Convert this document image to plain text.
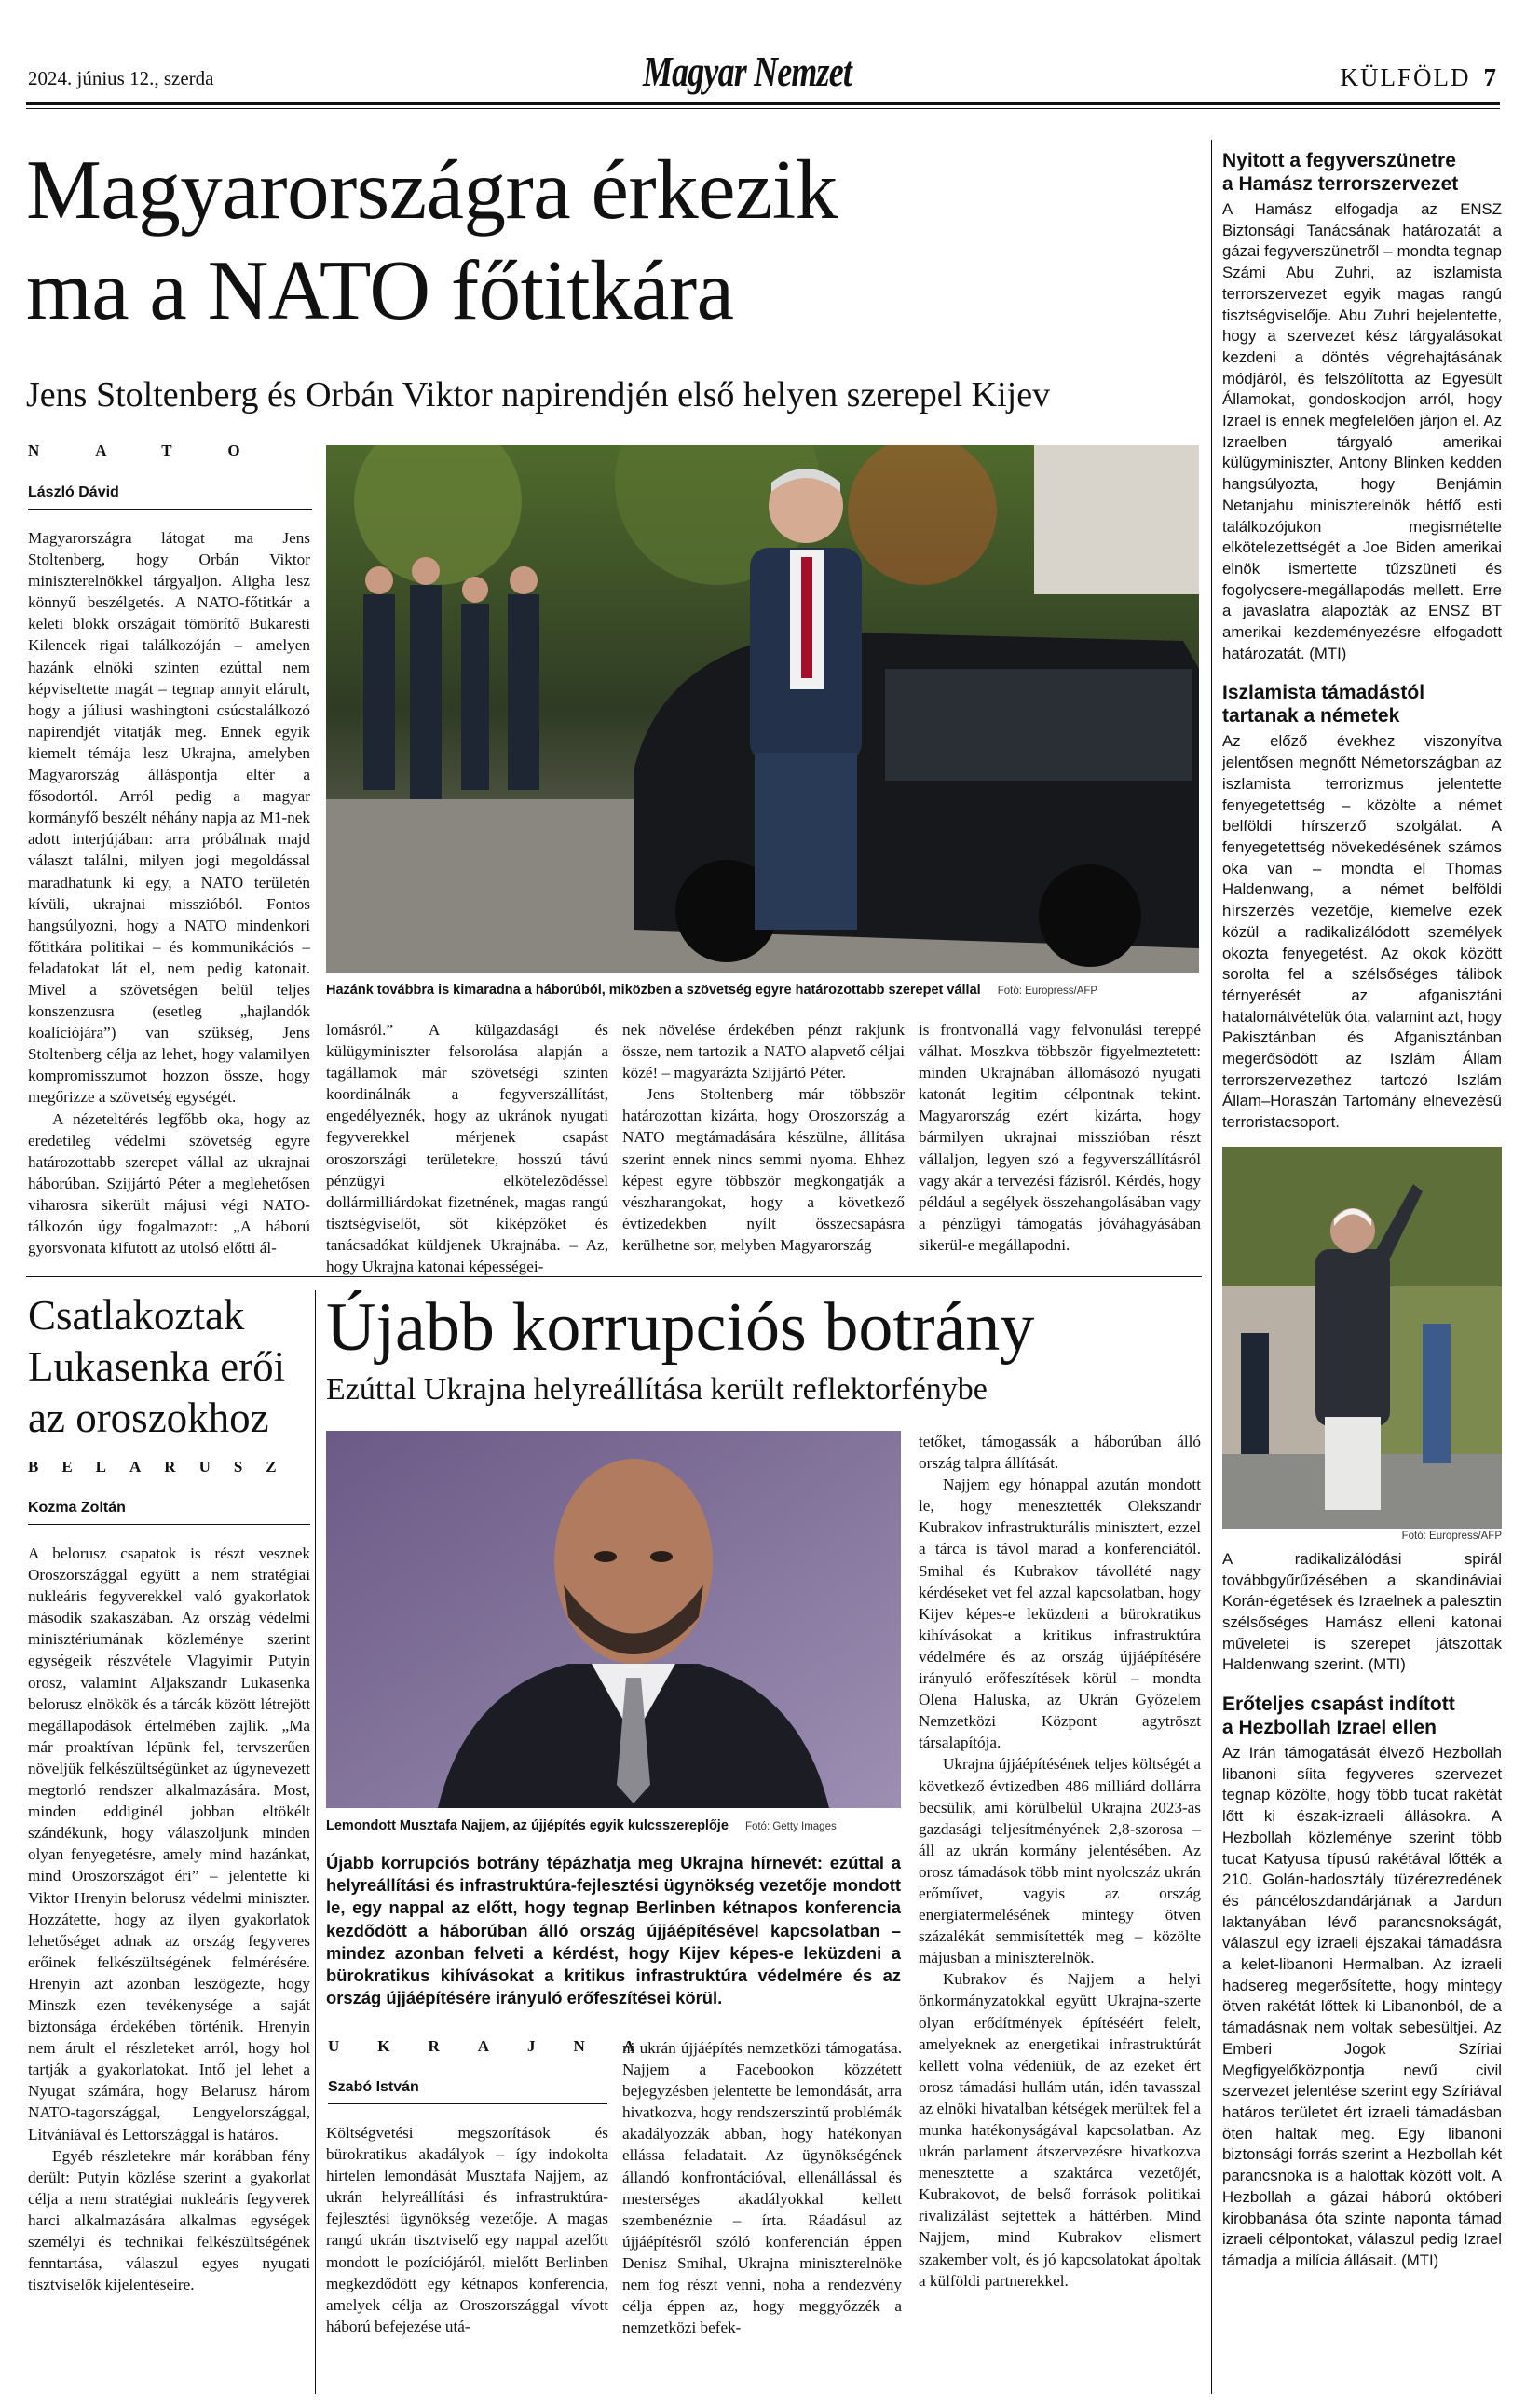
2024. június 12., szerda	Magyar Nemzet	KÜLFÖLD 7
Magyarországra érkezik
ma a NATO főtitkára
Jens Stoltenberg és Orbán Viktor napirendjén első helyen szerepel Kijev
NATO
László Dávid

Magyarországra látogat ma Jens Stoltenberg, hogy Orbán Viktor miniszterelnökkel tárgyaljon. Aligha lesz könnyű beszélgetés. A NATO-főtitkár a keleti blokk országait tömörítő Bukaresti Kilencek rigai találkozóján – amelyen hazánk elnöki szinten ezúttal nem képviseltette magát – tegnap annyit elárult, hogy a júliusi washingtoni csúcstalálkozó napirendjét vitatják meg. Ennek egyik kiemelt témája lesz Ukrajna, amelyben Magyarország álláspontja eltér a fősodortól. Arról pedig a magyar kormányfő beszélt néhány napja az M1-nek adott interjújában: arra próbálnak majd választ találni, milyen jogi megoldással maradhatunk ki egy, a NATO területén kívüli, ukrajnai misszióból. Fontos hangsúlyozni, hogy a NATO mindenkori főtitkára politikai – és kommunikációs – feladatokat lát el, nem pedig katonait. Mivel a szövetségen belül teljes konszenzusra (esetleg „hajlandók koalíciójára”) van szükség, Jens Stoltenberg célja az lehet, hogy valamilyen kompromisszumot hozzon össze, hogy megőrizze a szövetség egységét.

A nézeteltérés legfőbb oka, hogy az eredetileg védelmi szövetség egyre határozottabb szerepet vállal az ukrajnai háborúban. Szijjártó Péter a meglehetősen viharosra sikerült májusi végi NATO-tálkozón úgy fogalmazott: „A háború gyorsvonata kifutott az utolsó előtti ál-

Hazánk továbbra is kimaradna a háborúból, miközben a szövetség egyre határozottabb szerepet vállal Fotó: Europress/AFP

lomásról.” A külgazdasági és külügyminiszter felsorolása alapján a tagállamok már szövetségi szinten koordinálnák a fegyverszállítást, engedélyeznék, hogy az ukránok nyugati fegyverekkel mérjenek csapást oroszországi területekre, hosszú távú pénzügyi elkötelezõdéssel dollármilliárdokat fizetnének, magas rangú tisztségviselőt, sőt kiképzőket és tanácsadókat küldjenek Ukrajnába. – Az, hogy Ukrajna katonai képességei-

nek növelése érdekében pénzt rakjunk össze, nem tartozik a NATO alapvető céljai közé! – magyarázta Szijjártó Péter.

Jens Stoltenberg már többször határozottan kizárta, hogy Oroszország a NATO megtámadására készülne, állítása szerint ennek nincs semmi nyoma. Ehhez képest egyre többször megkongatják a vészharangokat, hogy a következő évtizedekben nyílt összecsapásra kerülhetne sor, melyben Magyarország

is frontvonallá vagy felvonulási tereppé válhat. Moszkva többször figyelmeztetett: minden Ukrajnában állomásozó nyugati katonát legitim célpontnak tekint. Magyarország ezért kizárta, hogy bármilyen ukrajnai misszióban részt vállaljon, legyen szó a fegyverszállításról vagy akár a tervezési fázisról. Kérdés, hogy például a segélyek összehangolásában vagy a pénzügyi támogatás jóváhagyásában sikerül-e megállapodni.

Csatlakoztak
Lukasenka erői
az oroszokhoz
BELARUSZ
Kozma Zoltán

A belorusz csapatok is részt vesznek Oroszországgal együtt a nem stratégiai nukleáris fegyverekkel való gyakorlatok második szakaszában. Az ország védelmi minisztériumának közleménye szerint egységeik részvétele Vlagyimir Putyin orosz, valamint Aljakszandr Lukasenka belorusz elnökök és a tárcák között létrejött megállapodások értelmében zajlik. „Ma már proaktívan lépünk fel, tervszerűen növeljük felkészültségünket az úgynevezett megtorló rendszer alkalmazására. Most, minden eddiginél jobban eltökélt szándékunk, hogy válaszoljunk minden olyan fenyegetésre, amely mind hazánkat, mind Oroszországot éri” – jelentette ki Viktor Hrenyin belorusz védelmi miniszter. Hozzátette, hogy az ilyen gyakorlatok lehetőséget adnak az ország fegyveres erőinek felkészültségének felmérésére. Hrenyin azt azonban leszögezte, hogy Minszk ezen tevékenysége a saját biztonsága érdekében történik. Hrenyin nem árult el részleteket arról, hogy hol tartják a gyakorlatokat. Intő jel lehet a Nyugat számára, hogy Belarusz három NATO-tagországgal, Lengyelországgal, Litvániával és Lettországgal is határos.

Egyéb részletekre már korábban fény derült: Putyin közlése szerint a gyakorlat célja a nem stratégiai nukleáris fegyverek harci alkalmazására alkalmas egységek személyi és technikai felkészültségének fenntartása, válaszul egyes nyugati tisztviselők kijelentéseire.

Újabb korrupciós botrány
Ezúttal Ukrajna helyreállítása került reflektorfénybe
Lemondott Musztafa Najjem, az újjépítés egyik kulcsszereplője Fotó: Getty Images
Újabb korrupciós botrány tépázhatja meg Ukrajna hírnevét: ezúttal a helyreállítási és infrastruktúra-fejlesztési ügynökség vezetője mondott le, egy nappal az előtt, hogy tegnap Berlinben kétnapos konferencia kezdődött a háborúban álló ország újjáépítésével kapcsolatban – mindez azonban felveti a kérdést, hogy Kijev képes-e leküzdeni a bürokratikus kihívásokat a kritikus infrastruktúra védelmére és az ország újjáépítésére irányuló erőfeszítései körül.
UKRAJNA
Szabó István

Költségvetési megszorítások és bürokratikus akadályok – így indokolta hirtelen lemondását Musztafa Najjem, az ukrán helyreállítási és infrastruktúra-fejlesztési ügynökség vezetője. A magas rangú ukrán tisztviselő egy nappal azelőtt mondott le pozíciójáról, mielőtt Berlinben megkezdődött egy kétnapos konferencia, amelyek célja az Oroszországgal vívott háború befejezése utá-

ni ukrán újjáépítés nemzetközi támogatása. Najjem a Facebookon közzétett bejegyzésben jelentette be lemondását, arra hivatkozva, hogy rendszerszintű problémák akadályozzák abban, hogy hatékonyan ellássa feladatait. Az ügynökségének állandó konfrontációval, ellenállással és mesterséges akadályokkal kellett szembenéznie – írta. Ráadásul az újjáépítésről szóló konferencián éppen Denisz Smihal, Ukrajna miniszterelnöke nem fog részt venni, noha a rendezvény célja éppen az, hogy meggyőzzék a nemzetközi befek-

tetőket, támogassák a háborúban álló ország talpra állítását.

Najjem egy hónappal azután mondott le, hogy menesztették Olekszandr Kubrakov infrastrukturális minisztert, ezzel a tárca is távol marad a konferenciától. Smihal és Kubrakov távollété nagy kérdéseket vet fel azzal kapcsolatban, hogy Kijev képes-e leküzdeni a bürokratikus kihívásokat a kritikus infrastruktúra védelmére és az ország újjáépítésére irányuló erőfeszítések körül – mondta Olena Haluska, az Ukrán Győzelem Nemzetközi Központ agytröszt társalapítója.

Ukrajna újjáépítésének teljes költségét a következő évtizedben 486 milliárd dollárra becsülik, ami körülbelül Ukrajna 2023-as gazdasági teljesítményének 2,8-szorosa – áll az ukrán kormány jelentésében. Az orosz támadások több mint nyolcszáz ukrán erőművet, vagyis az ország energiatermelésének mintegy ötven százalékát semmisítették meg – közölte májusban a miniszterelnök.

Kubrakov és Najjem a helyi önkormányzatokkal együtt Ukrajna-szerte olyan erődítmények építéséért felelt, amelyeknek az energetikai infrastruktúrát kellett volna védeniük, de az ezeket ért orosz támadási hullám után, idén tavasszal az elnöki hivatalban kétségek merültek fel a munka hatékonyságával kapcsolatban. Az ukrán parlament átszervezésre hivatkozva menesztette a szaktárca vezetőjét, Kubrakovot, de belső források politikai rivalizálást sejtettek a háttérben. Mind Najjem, mind Kubrakov elismert szakember volt, és jó kapcsolatokat ápoltak a külföldi partnerekkel.

Nyitott a fegyverszünetre
a Hamász terrorszervezet
A Hamász elfogadja az ENSZ Biztonsági Tanácsának határozatát a gázai fegyverszünetről – mondta tegnap Számi Abu Zuhri, az iszlamista terrorszervezet egyik magas rangú tisztségviselője. Abu Zuhri bejelentette, hogy a szervezet kész tárgyalásokat kezdeni a döntés végrehajtásának módjáról, és felszólította az Egyesült Államokat, gondoskodjon arról, hogy Izrael is ennek megfelelően járjon el. Az Izraelben tárgyaló amerikai külügyminiszter, Antony Blinken kedden hangsúlyozta, hogy Benjámin Netanjahu miniszterelnök hétfő esti találkozójukon megismételte elkötelezettségét a Joe Biden amerikai elnök ismertette tűzszüneti és fogolycsere-megállapodás mellett. Erre a javaslatra alapozták az ENSZ BT amerikai kezdeményezésre elfogadott határozatát. (MTI)
Iszlamista támadástól
tartanak a németek
Az előző évekhez viszonyítva jelentősen megnőtt Németországban az iszlamista terrorizmus jelentette fenyegetettség – közölte a német belföldi hírszerző szolgálat. A fenyegetettség növekedésének számos oka van – mondta el Thomas Haldenwang, a német belföldi hírszerzés vezetője, kiemelve ezek közül a radikalizálódott személyek okozta fenyegetést. Az okok között sorolta fel a szélsőséges tálibok térnyerését az afganisztáni hatalomátvételük óta, valamint azt, hogy Pakisztánban és Afganisztánban megerősödött az Iszlám Állam terrorszervezethez tartozó Iszlám Állam–Horaszán Tartomány elnevezésű terroristacsoport.
Fotó: Europress/AFP
A radikalizálódási spirál továbbgyűrűzésében a skandináviai Korán-égetések és Izraelnek a palesztin szélsőséges Hamász elleni katonai műveletei is szerepet játszottak Haldenwang szerint. (MTI)
Erőteljes csapást indított
a Hezbollah Izrael ellen
Az Irán támogatását élvező Hezbollah libanoni síita fegyveres szervezet tegnap közölte, hogy több tucat rakétát lőtt ki észak-izraeli állásokra. A Hezbollah közleménye szerint több tucat Katyusa típusú rakétával lőtték a 210. Golán-hadosztály tüzérezredének és páncéloszdandárjának a Jardun laktanyában lévő parancsnokságát, válaszul egy izraeli éjszakai támadásra a kelet-libanoni Hermalban. Az izraeli hadsereg megerősítette, hogy mintegy ötven rakétát lőttek ki Libanonból, de a támadásnak nem voltak sebesültjei. Az Emberi Jogok Szíriai Megfigyelőközpontja nevű civil szervezet jelentése szerint egy Szíriával határos területet ért izraeli támadásban öten haltak meg. Egy libanoni biztonsági forrás szerint a Hezbollah két parancsnoka is a halottak között volt. A Hezbollah a gázai háború októberi kirobbanása óta szinte naponta támad izraeli célpontokat, válaszul pedig Izrael támadja a milícia állásait. (MTI)
